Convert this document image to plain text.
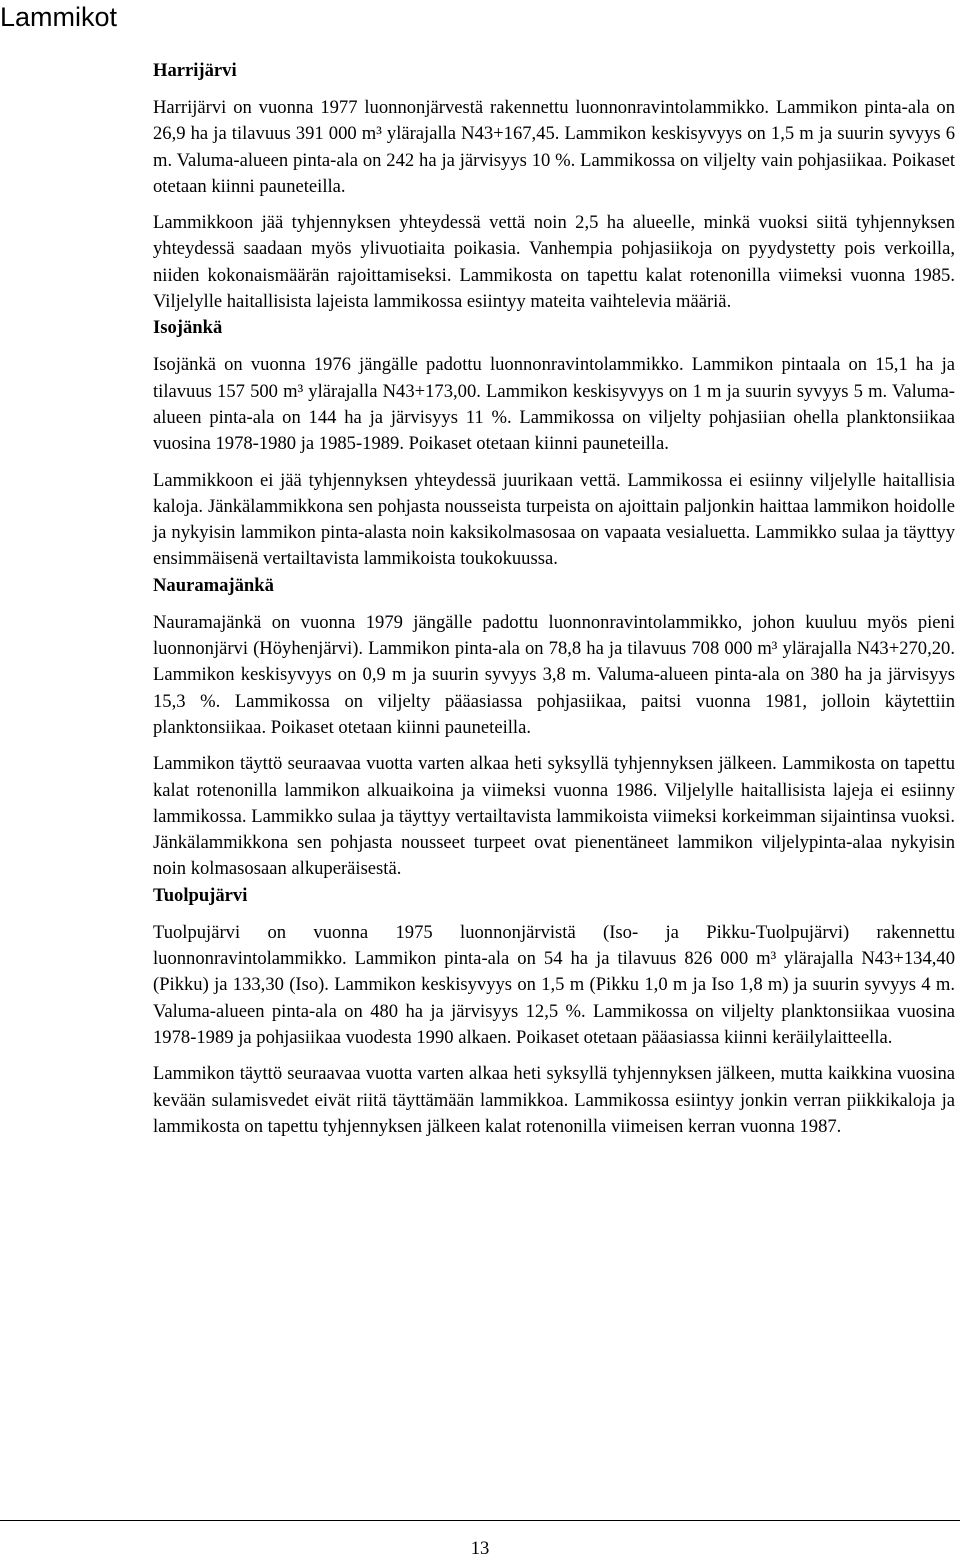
Lammikot
Harrijärvi

Harrijärvi on vuonna 1977 luonnonjärvestä rakennettu luonnonravintolammikko. Lammikon pinta-ala on 26,9 ha ja tilavuus 391 000 m³ ylärajalla N43+167,45. Lammikon keskisyvyys on 1,5 m ja suurin syvyys 6 m. Valuma-alueen pinta-ala on 242 ha ja järvisyys 10 %. Lammikossa on viljelty vain pohjasiikaa. Poikaset otetaan kiinni pauneteilla.

Lammikkoon jää tyhjennyksen yhteydessä vettä noin 2,5 ha alueelle, minkä vuoksi siitä tyhjennyksen yhteydessä saadaan myös ylivuotiaita poikasia. Vanhempia pohjasiikoja on pyydystetty pois verkoilla, niiden kokonaismäärän rajoittamiseksi. Lammikosta on tapettu kalat rotenonilla viimeksi vuonna 1985. Viljelylle haitallisista lajeista lammikossa esiintyy mateita vaihtelevia määriä.

Isojänkä

Isojänkä on vuonna 1976 jängälle padottu luonnonravintolammikko. Lammikon pintaala on 15,1 ha ja tilavuus 157 500 m³ ylärajalla N43+173,00. Lammikon keskisyvyys on 1 m ja suurin syvyys 5 m. Valuma-alueen pinta-ala on 144 ha ja järvisyys 11 %. Lammikossa on viljelty pohjasiian ohella planktonsiikaa vuosina 1978-1980 ja 1985-1989. Poikaset otetaan kiinni pauneteilla.

Lammikkoon ei jää tyhjennyksen yhteydessä juurikaan vettä. Lammikossa ei esiinny viljelylle haitallisia kaloja. Jänkälammikkona sen pohjasta nousseista turpeista on ajoittain paljonkin haittaa lammikon hoidolle ja nykyisin lammikon pinta-alasta noin kaksikolmasosaa on vapaata vesialuetta. Lammikko sulaa ja täyttyy ensimmäisenä vertailtavista lammikoista toukokuussa.

Nauramajänkä

Nauramajänkä on vuonna 1979 jängälle padottu luonnonravintolammikko, johon kuuluu myös pieni luonnonjärvi (Höyhenjärvi). Lammikon pinta-ala on 78,8 ha ja tilavuus 708 000 m³ ylärajalla N43+270,20. Lammikon keskisyvyys on 0,9 m ja suurin syvyys 3,8 m. Valuma-alueen pinta-ala on 380 ha ja järvisyys 15,3 %. Lammikossa on viljelty pääasiassa pohjasiikaa, paitsi vuonna 1981, jolloin käytettiin planktonsiikaa. Poikaset otetaan kiinni pauneteilla.

Lammikon täyttö seuraavaa vuotta varten alkaa heti syksyllä tyhjennyksen jälkeen. Lammikosta on tapettu kalat rotenonilla lammikon alkuaikoina ja viimeksi vuonna 1986. Viljelylle haitallisista lajeja ei esiinny lammikossa. Lammikko sulaa ja täyttyy vertailtavista lammikoista viimeksi korkeimman sijaintinsa vuoksi. Jänkälammikkona sen pohjasta nousseet turpeet ovat pienentäneet lammikon viljelypinta-alaa nykyisin noin kolmasosaan alkuperäisestä.

Tuolpujärvi

Tuolpujärvi on vuonna 1975 luonnonjärvistä (Iso- ja Pikku-Tuolpujärvi) rakennettu luonnonravintolammikko. Lammikon pinta-ala on 54 ha ja tilavuus 826 000 m³ ylärajalla N43+134,40 (Pikku) ja 133,30 (Iso). Lammikon keskisyvyys on 1,5 m (Pikku 1,0 m ja Iso 1,8 m) ja suurin syvyys 4 m. Valuma-alueen pinta-ala on 480 ha ja järvisyys 12,5 %. Lammikossa on viljelty planktonsiikaa vuosina 1978-1989 ja pohjasiikaa vuodesta 1990 alkaen. Poikaset otetaan pääasiassa kiinni keräilylaitteella.

Lammikon täyttö seuraavaa vuotta varten alkaa heti syksyllä tyhjennyksen jälkeen, mutta kaikkina vuosina kevään sulamisvedet eivät riitä täyttämään lammikkoa. Lammikossa esiintyy jonkin verran piikkikaloja ja lammikosta on tapettu tyhjennyksen jälkeen kalat rotenonilla viimeisen kerran vuonna 1987.

13
